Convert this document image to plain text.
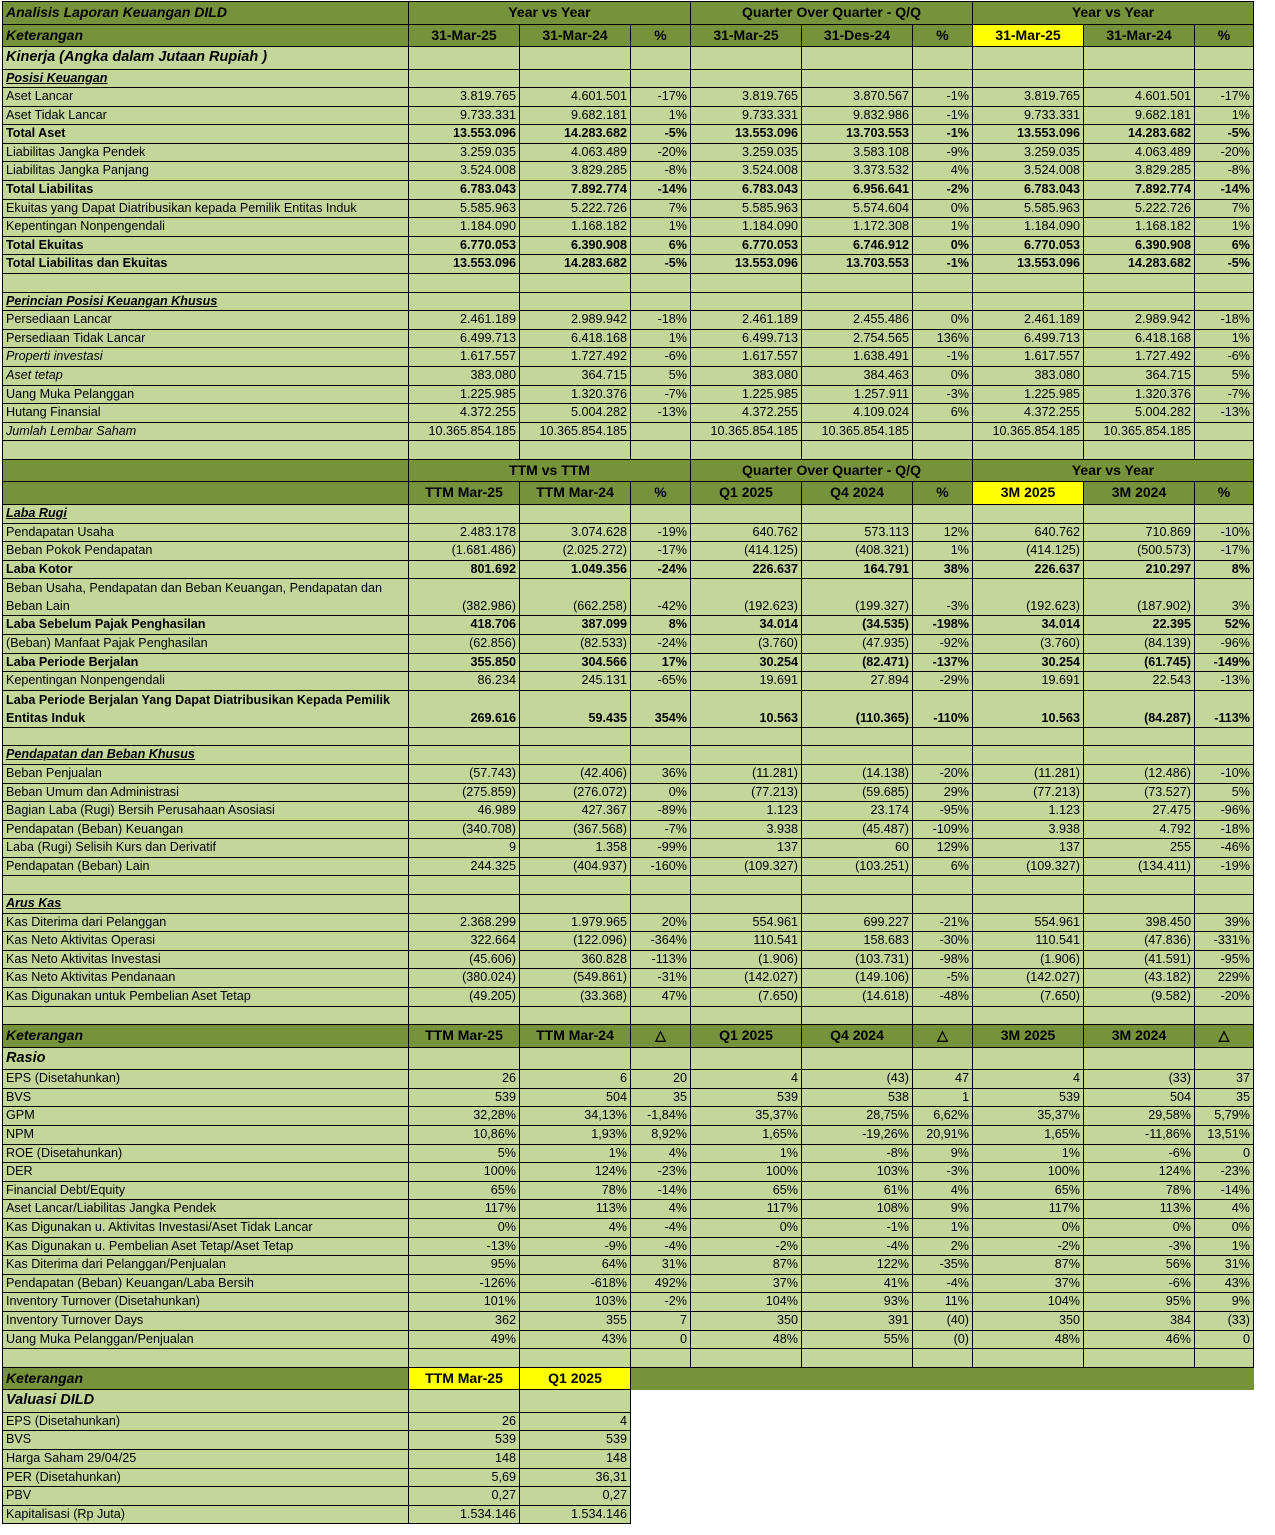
Analisis Laporan Keuangan DILD	Year vs Year			Quarter Over Quarter - Q/Q			Year vs Year		
Keterangan	31-Mar-25	31-Mar-24	%	31-Mar-25	31-Des-24	%	31-Mar-25	31-Mar-24	%
Kinerja (Angka dalam Jutaan Rupiah )									
Posisi Keuangan									
Aset Lancar	3.819.765	4.601.501	-17%	3.819.765	3.870.567	-1%	3.819.765	4.601.501	-17%
Aset Tidak Lancar	9.733.331	9.682.181	1%	9.733.331	9.832.986	-1%	9.733.331	9.682.181	1%
Total Aset	13.553.096	14.283.682	-5%	13.553.096	13.703.553	-1%	13.553.096	14.283.682	-5%
Liabilitas Jangka Pendek	3.259.035	4.063.489	-20%	3.259.035	3.583.108	-9%	3.259.035	4.063.489	-20%
Liabilitas Jangka Panjang	3.524.008	3.829.285	-8%	3.524.008	3.373.532	4%	3.524.008	3.829.285	-8%
Total Liabilitas	6.783.043	7.892.774	-14%	6.783.043	6.956.641	-2%	6.783.043	7.892.774	-14%
Ekuitas yang Dapat Diatribusikan kepada Pemilik Entitas Induk	5.585.963	5.222.726	7%	5.585.963	5.574.604	0%	5.585.963	5.222.726	7%
Kepentingan Nonpengendali	1.184.090	1.168.182	1%	1.184.090	1.172.308	1%	1.184.090	1.168.182	1%
Total Ekuitas	6.770.053	6.390.908	6%	6.770.053	6.746.912	0%	6.770.053	6.390.908	6%
Total Liabilitas dan Ekuitas	13.553.096	14.283.682	-5%	13.553.096	13.703.553	-1%	13.553.096	14.283.682	-5%

Perincian Posisi Keuangan Khusus									
Persediaan Lancar	2.461.189	2.989.942	-18%	2.461.189	2.455.486	0%	2.461.189	2.989.942	-18%
Persediaan Tidak Lancar	6.499.713	6.418.168	1%	6.499.713	2.754.565	136%	6.499.713	6.418.168	1%
Properti investasi	1.617.557	1.727.492	-6%	1.617.557	1.638.491	-1%	1.617.557	1.727.492	-6%
Aset tetap	383.080	364.715	5%	383.080	384.463	0%	383.080	364.715	5%
Uang Muka Pelanggan	1.225.985	1.320.376	-7%	1.225.985	1.257.911	-3%	1.225.985	1.320.376	-7%
Hutang Finansial	4.372.255	5.004.282	-13%	4.372.255	4.109.024	6%	4.372.255	5.004.282	-13%
Jumlah Lembar Saham	10.365.854.185	10.365.854.185		10.365.854.185	10.365.854.185		10.365.854.185	10.365.854.185	

	TTM vs TTM			Quarter Over Quarter - Q/Q			Year vs Year		
	TTM Mar-25	TTM Mar-24	%	Q1 2025	Q4 2024	%	3M 2025	3M 2024	%
Laba Rugi									
Pendapatan Usaha	2.483.178	3.074.628	-19%	640.762	573.113	12%	640.762	710.869	-10%
Beban Pokok Pendapatan	(1.681.486)	(2.025.272)	-17%	(414.125)	(408.321)	1%	(414.125)	(500.573)	-17%
Laba Kotor	801.692	1.049.356	-24%	226.637	164.791	38%	226.637	210.297	8%
Beban Usaha, Pendapatan dan Beban Keuangan, Pendapatan dan Beban Lain	(382.986)	(662.258)	-42%	(192.623)	(199.327)	-3%	(192.623)	(187.902)	3%
Laba Sebelum Pajak Penghasilan	418.706	387.099	8%	34.014	(34.535)	-198%	34.014	22.395	52%
(Beban) Manfaat Pajak Penghasilan	(62.856)	(82.533)	-24%	(3.760)	(47.935)	-92%	(3.760)	(84.139)	-96%
Laba Periode Berjalan	355.850	304.566	17%	30.254	(82.471)	-137%	30.254	(61.745)	-149%
Kepentingan Nonpengendali	86.234	245.131	-65%	19.691	27.894	-29%	19.691	22.543	-13%
Laba Periode Berjalan Yang Dapat Diatribusikan Kepada Pemilik Entitas Induk	269.616	59.435	354%	10.563	(110.365)	-110%	10.563	(84.287)	-113%

Pendapatan dan Beban Khusus									
Beban Penjualan	(57.743)	(42.406)	36%	(11.281)	(14.138)	-20%	(11.281)	(12.486)	-10%
Beban Umum dan Administrasi	(275.859)	(276.072)	0%	(77.213)	(59.685)	29%	(77.213)	(73.527)	5%
Bagian Laba (Rugi) Bersih Perusahaan Asosiasi	46.989	427.367	-89%	1.123	23.174	-95%	1.123	27.475	-96%
Pendapatan (Beban) Keuangan	(340.708)	(367.568)	-7%	3.938	(45.487)	-109%	3.938	4.792	-18%
Laba (Rugi) Selisih Kurs dan Derivatif	9	1.358	-99%	137	60	129%	137	255	-46%
Pendapatan (Beban) Lain	244.325	(404.937)	-160%	(109.327)	(103.251)	6%	(109.327)	(134.411)	-19%

Arus Kas									
Kas Diterima dari Pelanggan	2.368.299	1.979.965	20%	554.961	699.227	-21%	554.961	398.450	39%
Kas Neto Aktivitas Operasi	322.664	(122.096)	-364%	110.541	158.683	-30%	110.541	(47.836)	-331%
Kas Neto Aktivitas Investasi	(45.606)	360.828	-113%	(1.906)	(103.731)	-98%	(1.906)	(41.591)	-95%
Kas Neto Aktivitas Pendanaan	(380.024)	(549.861)	-31%	(142.027)	(149.106)	-5%	(142.027)	(43.182)	229%
Kas Digunakan untuk Pembelian Aset Tetap	(49.205)	(33.368)	47%	(7.650)	(14.618)	-48%	(7.650)	(9.582)	-20%

Keterangan	TTM Mar-25	TTM Mar-24	△	Q1 2025	Q4 2024	△	3M 2025	3M 2024	△
Rasio									
EPS (Disetahunkan)	26	6	20	4	(43)	47	4	(33)	37
BVS	539	504	35	539	538	1	539	504	35
GPM	32,28%	34,13%	-1,84%	35,37%	28,75%	6,62%	35,37%	29,58%	5,79%
NPM	10,86%	1,93%	8,92%	1,65%	-19,26%	20,91%	1,65%	-11,86%	13,51%
ROE (Disetahunkan)	5%	1%	4%	1%	-8%	9%	1%	-6%	0
DER	100%	124%	-23%	100%	103%	-3%	100%	124%	-23%
Financial Debt/Equity	65%	78%	-14%	65%	61%	4%	65%	78%	-14%
Aset Lancar/Liabilitas Jangka Pendek	117%	113%	4%	117%	108%	9%	117%	113%	4%
Kas Digunakan u. Aktivitas Investasi/Aset Tidak Lancar	0%	4%	-4%	0%	-1%	1%	0%	0%	0%
Kas Digunakan u. Pembelian Aset Tetap/Aset Tetap	-13%	-9%	-4%	-2%	-4%	2%	-2%	-3%	1%
Kas Diterima dari Pelanggan/Penjualan	95%	64%	31%	87%	122%	-35%	87%	56%	31%
Pendapatan (Beban) Keuangan/Laba Bersih	-126%	-618%	492%	37%	41%	-4%	37%	-6%	43%
Inventory Turnover (Disetahunkan)	101%	103%	-2%	104%	93%	11%	104%	95%	9%
Inventory Turnover Days	362	355	7	350	391	(40)	350	384	(33)
Uang Muka Pelanggan/Penjualan	49%	43%	0	48%	55%	(0)	48%	46%	0

Keterangan	TTM Mar-25	Q1 2025							
Valuasi DILD									
EPS (Disetahunkan)	26	4							
BVS	539	539							
Harga Saham 29/04/25	148	148							
PER (Disetahunkan)	5,69	36,31							
PBV	0,27	0,27							
Kapitalisasi (Rp Juta)	1.534.146	1.534.146							
